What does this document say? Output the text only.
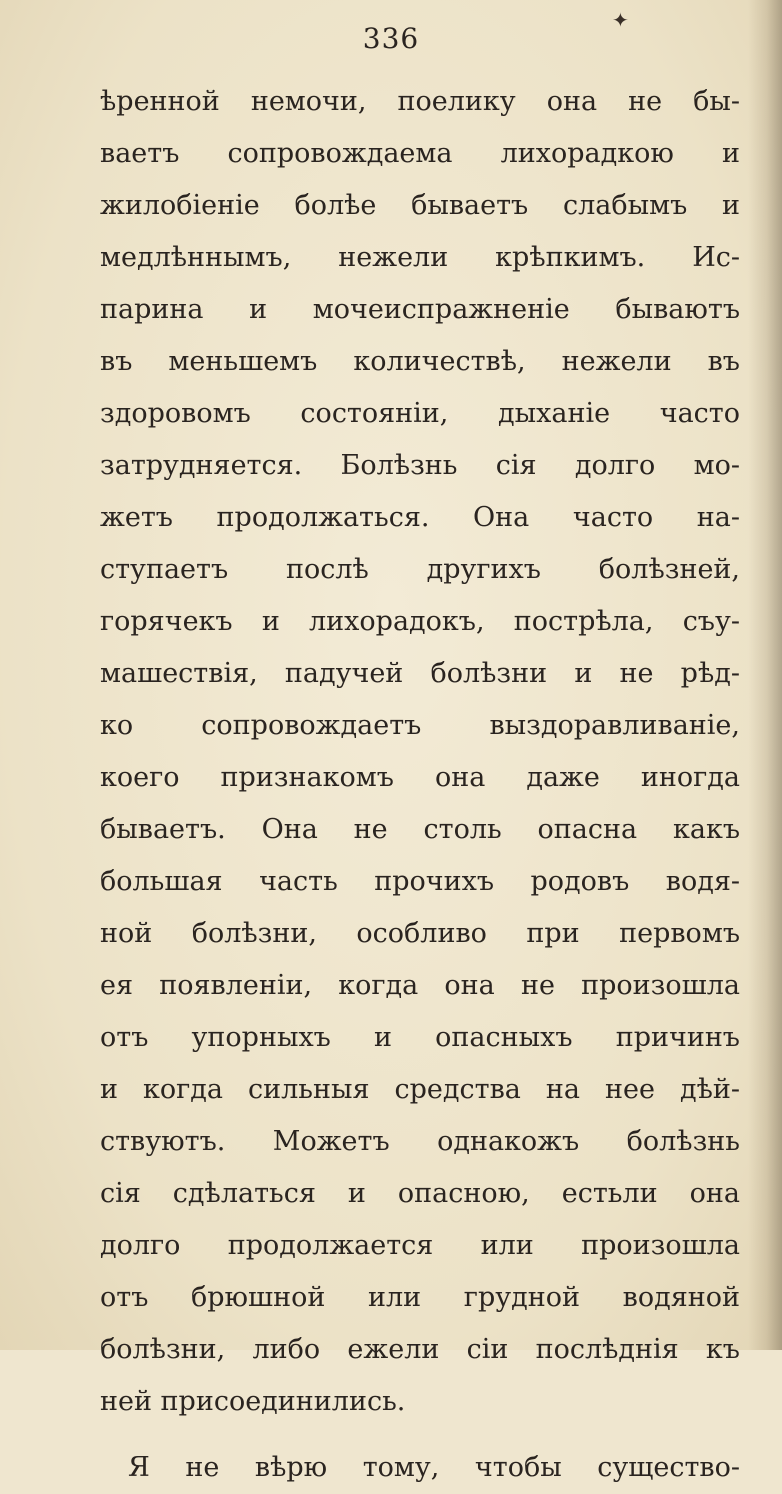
336
✦
ѣренной немочи, поелику она не бы-
ваетъ сопровождаема лихорадкою и
жилобіеніе болѣе бываетъ слабымъ и
медлѣннымъ, нежели крѣпкимъ. Ис-
парина и мочеиспражненіе бываютъ
въ меньшемъ количествѣ, нежели въ
здоровомъ состояніи, дыханіе часто
затрудняется. Болѣзнь сія долго мо-
жетъ продолжаться. Она часто на-
ступаетъ послѣ другихъ болѣзней,
горячекъ и лихорадокъ, пострѣла, съу-
машествія, падучей болѣзни и не рѣд-
ко сопровождаетъ выздоравливаніе,
коего признакомъ она даже иногда
бываетъ. Она не столь опасна какъ
большая часть прочихъ родовъ водя-
ной болѣзни, особливо при первомъ
ея появленіи, когда она не произошла
отъ упорныхъ и опасныхъ причинъ
и когда сильныя средства на нее дѣй-
ствуютъ. Можетъ однакожъ болѣзнь
сія сдѣлаться и опасною, естьли она
долго продолжается или произошла
отъ брюшной или грудной водяной
болѣзни, либо ежели сіи послѣднія къ
ней присоединились.
Я не вѣрю тому, чтобы существо-
